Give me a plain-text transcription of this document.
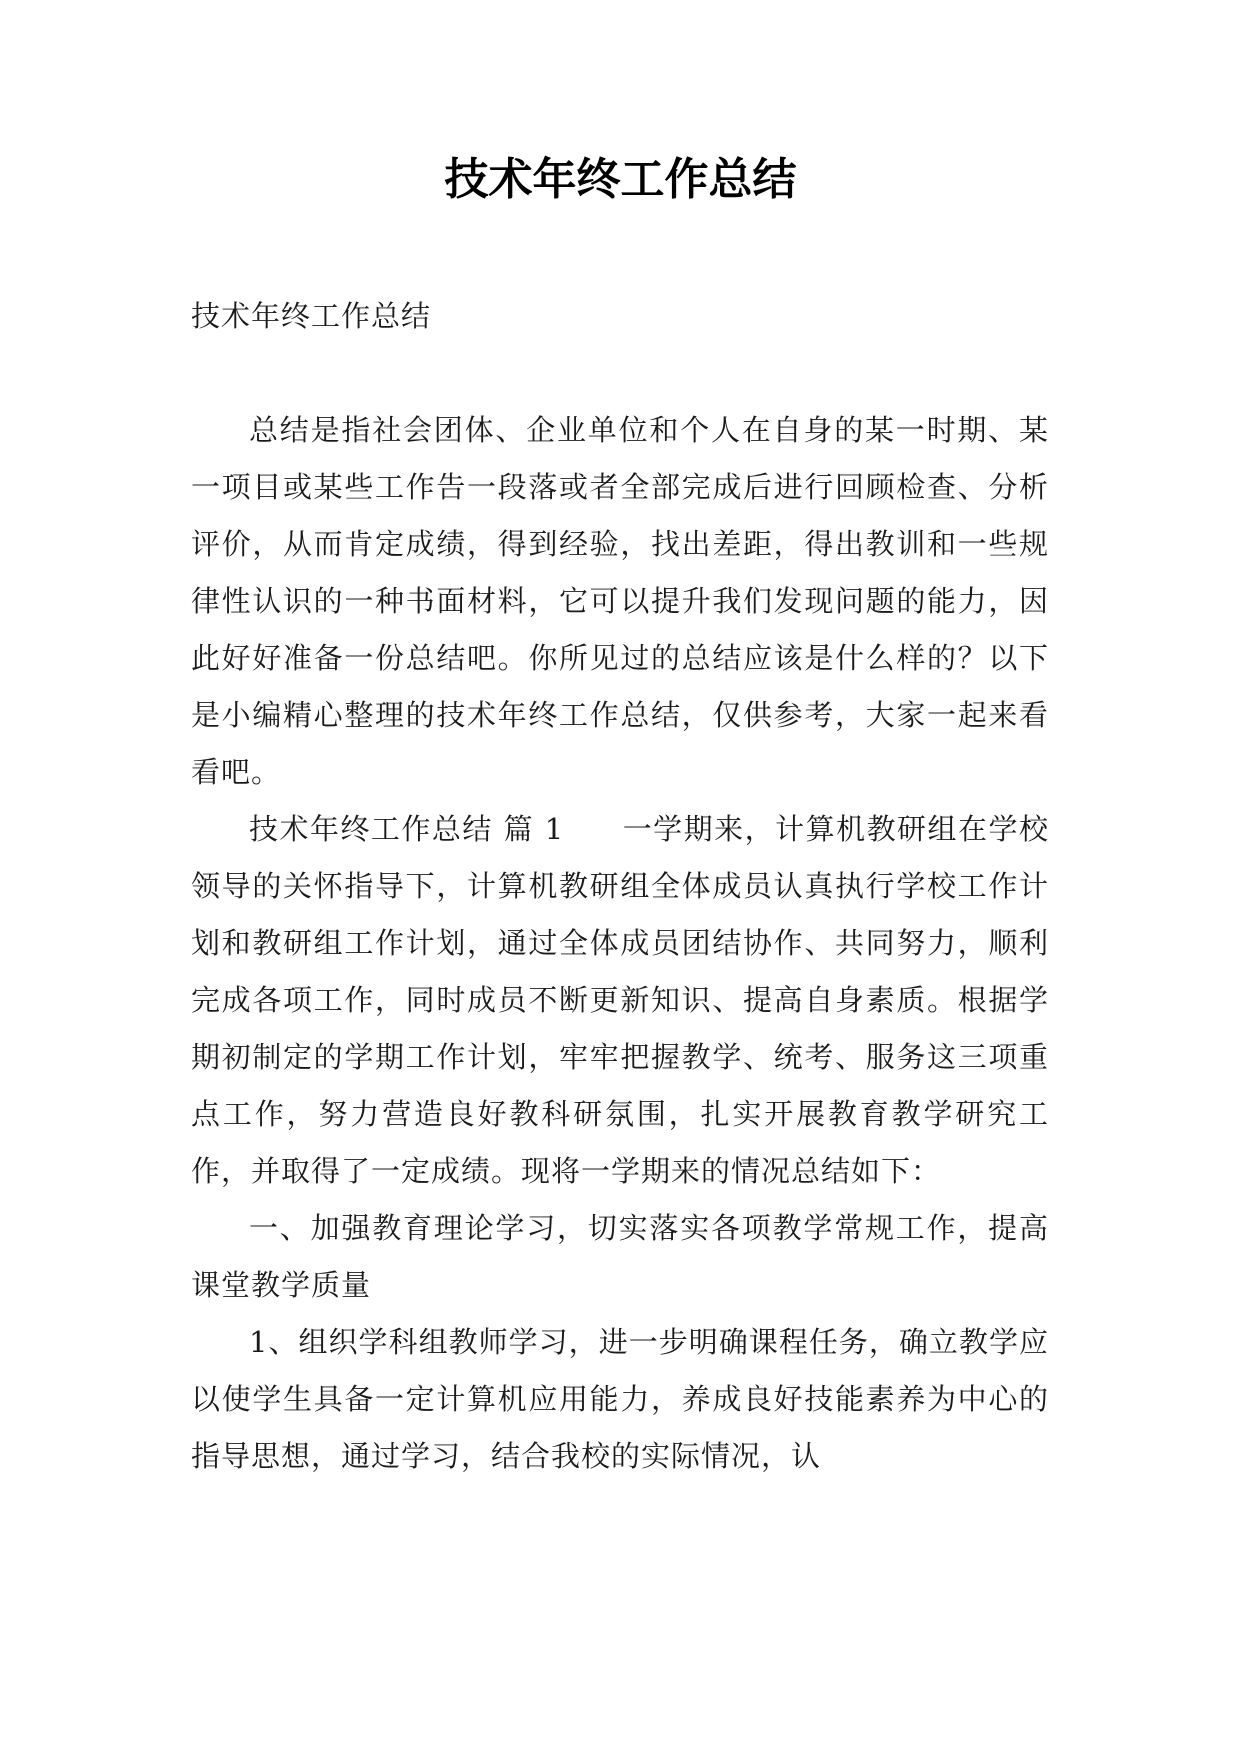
技术年终工作总结

技术年终工作总结

总结是指社会团体、企业单位和个人在自身的某一时期、某一项目或某些工作告一段落或者全部完成后进行回顾检查、分析评价，从而肯定成绩，得到经验，找出差距，得出教训和一些规律性认识的一种书面材料，它可以提升我们发现问题的能力，因此好好准备一份总结吧。你所见过的总结应该是什么样的？以下是小编精心整理的技术年终工作总结，仅供参考，大家一起来看看吧。

技术年终工作总结 篇 1 一学期来，计算机教研组在学校领导的关怀指导下，计算机教研组全体成员认真执行学校工作计划和教研组工作计划，通过全体成员团结协作、共同努力，顺利完成各项工作，同时成员不断更新知识、提高自身素质。根据学期初制定的学期工作计划，牢牢把握教学、统考、服务这三项重点工作，努力营造良好教科研氛围，扎实开展教育教学研究工作，并取得了一定成绩。现将一学期来的情况总结如下：

一、加强教育理论学习，切实落实各项教学常规工作，提高课堂教学质量

1、组织学科组教师学习，进一步明确课程任务，确立教学应以使学生具备一定计算机应用能力，养成良好技能素养为中心的指导思想，通过学习，结合我校的实际情况，认
